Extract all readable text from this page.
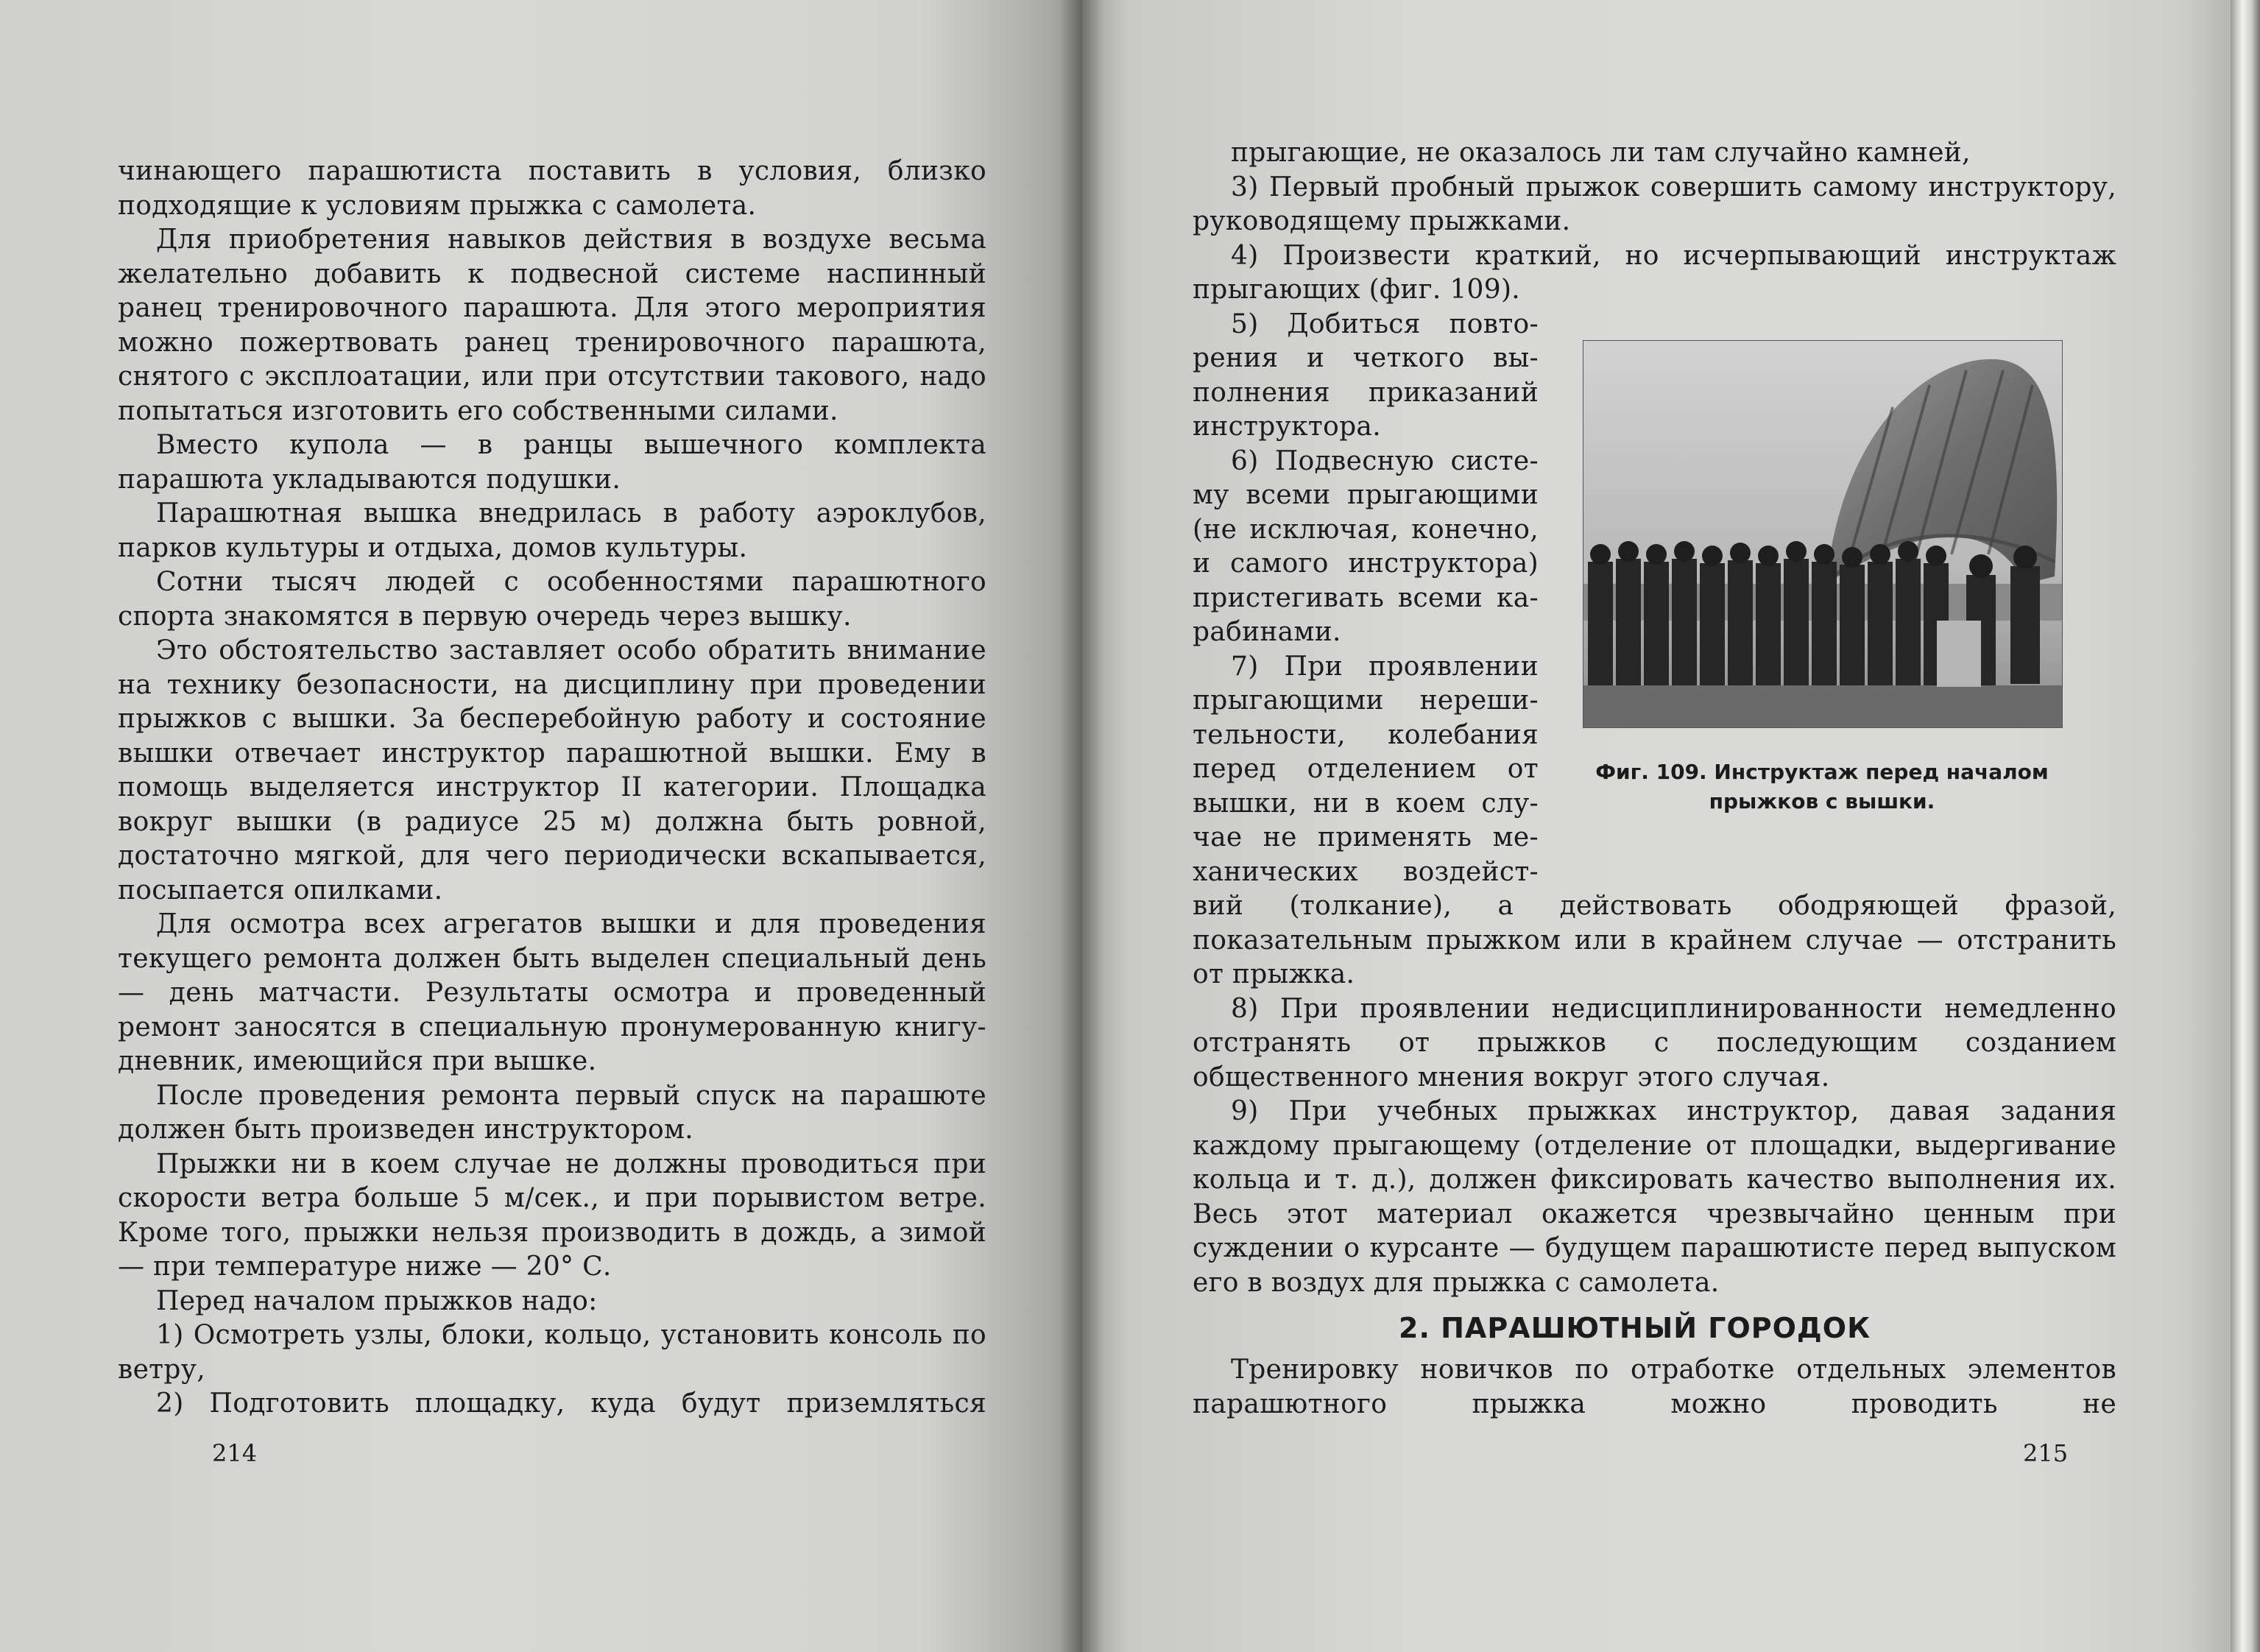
чинающего парашютиста поставить в условия, близко подходящие к условиям прыжка с самолета.

Для приобретения навыков действия в воздухе весьма желательно добавить к подвесной системе наспинный ранец тренировочного парашюта. Для этого мероприятия можно пожертвовать ранец тренировочного парашюта, снятого с эксплоатации, или при отсутствии такового, надо попытаться изготовить его собственными силами.

Вместо купола — в ранцы вышечного комплекта парашюта укладываются подушки.

Парашютная вышка внедрилась в работу аэроклубов, парков культуры и отдыха, домов культуры.

Сотни тысяч людей с особенностями парашютного спорта знакомятся в первую очередь через вышку.

Это обстоятельство заставляет особо обратить внимание на технику безопасности, на дисциплину при проведении прыжков с вышки. За бесперебойную работу и состояние вышки отвечает инструктор парашютной вышки. Ему в помощь выделяется инструктор II категории. Площадка вокруг вышки (в радиусе 25 м) должна быть ровной, достаточно мягкой, для чего периодически вскапывается, посыпается опилками.

Для осмотра всех агрегатов вышки и для проведения текущего ремонта должен быть выделен специальный день — день матчасти. Результаты осмотра и проведенный ремонт заносятся в специальную пронумерованную книгу-дневник, имеющийся при вышке.

После проведения ремонта первый спуск на парашюте должен быть произведен инструктором.

Прыжки ни в коем случае не должны проводиться при скорости ветра больше 5 м/сек., и при порывистом ветре. Кроме того, прыжки нельзя производить в дождь, а зимой — при температуре ниже — 20° С.

Перед началом прыжков надо:

1) Осмотреть узлы, блоки, кольцо, установить консоль по ветру,

2) Подготовить площадку, куда будут приземляться

214

прыгающие, не оказалось ли там случайно камней,

3) Первый пробный прыжок совершить самому инструктору, руководящему прыжками.

4) Произвести краткий, но исчерпывающий инструктаж прыгающих (фиг. 109).

5) Добиться повто-

рения и четкого вы-

полнения приказаний

инструктора.

6) Подвесную систе-

му всеми прыгающими

(не исключая, конечно,

и самого инструктора)

пристегивать всеми ка-

рабинами.

7) При проявлении

прыгающими нереши-

тельности, колебания

перед отделением от

вышки, ни в коем слу-

чае не применять ме-

ханических воздейст-

вий (толкание), а действовать ободряющей фразой, показательным прыжком или в крайнем случае — отстранить от прыжка.

8) При проявлении недисциплинированности немедленно отстранять от прыжков с последующим созданием общественного мнения вокруг этого случая.

9) При учебных прыжках инструктор, давая задания каждому прыгающему (отделение от площадки, выдергивание кольца и т. д.), должен фиксировать качество выполнения их. Весь этот материал окажется чрезвычайно ценным при суждении о курсанте — будущем парашютисте перед выпуском его в воздух для прыжка с самолета.

Фиг. 109. Инструктаж перед началом прыжков с вышки.
2. ПАРАШЮТНЫЙ ГОРОДОК

Тренировку новичков по отработке отдельных элементов парашютного прыжка можно проводить не

215
